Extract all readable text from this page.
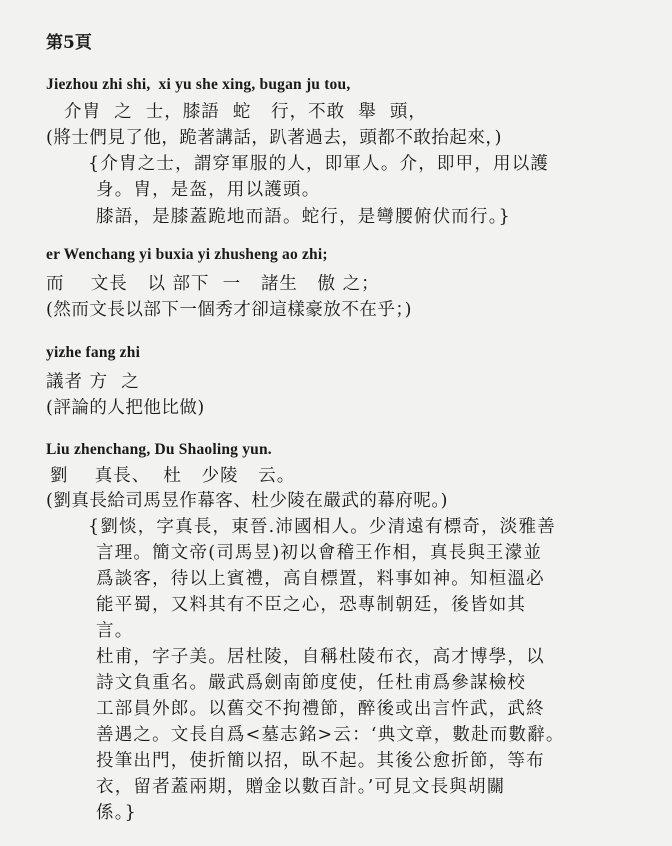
第5頁
Jiezhou zhi shi,  xi yu she xing, bugan ju tou,
介胄  之  士，膝語  蛇   行，不敢  舉  頭，
(將士們見了他，跪著講話，趴著過去，頭都不敢抬起來，)
{介胄之士，謂穿軍服的人，即軍人。介，即甲，用以護
身。胄，是盔，用以護頭。
膝語，是膝蓋跪地而語。蛇行，是彎腰俯伏而行。}
er Wenchang yi buxia yi zhusheng ao zhi;
而    文長   以 部下  一   諸生   傲 之；
(然而文長以部下一個秀才卻這樣豪放不在乎；)
yizhe fang zhi
議者 方  之
(評論的人把他比做)
Liu zhenchang, Du Shaoling yun.
劉    真長、  杜   少陵   云。
(劉真長給司馬昱作幕客、杜少陵在嚴武的幕府呢。)
{劉惔，字真長，東晉.沛國相人。少清遠有標奇，淡雅善
言理。簡文帝(司馬昱)初以會稽王作相，真長與王濛並
爲談客，待以上賓禮，高自標置，料事如神。知桓溫必
能平蜀，又料其有不臣之心，恐專制朝廷，後皆如其
言。
杜甫，字子美。居杜陵，自稱杜陵布衣，高才博學，以
詩文負重名。嚴武爲劍南節度使，任杜甫爲參謀檢校
工部員外郎。以舊交不拘禮節，醉後或出言忤武，武終
善遇之。文長自爲<墓志銘>云：‘典文章，數赴而數辭。
投筆出門，使折簡以招，臥不起。其後公愈折節，等布
衣，留者蓋兩期，贈金以數百計。’可見文長與胡關
係。}
